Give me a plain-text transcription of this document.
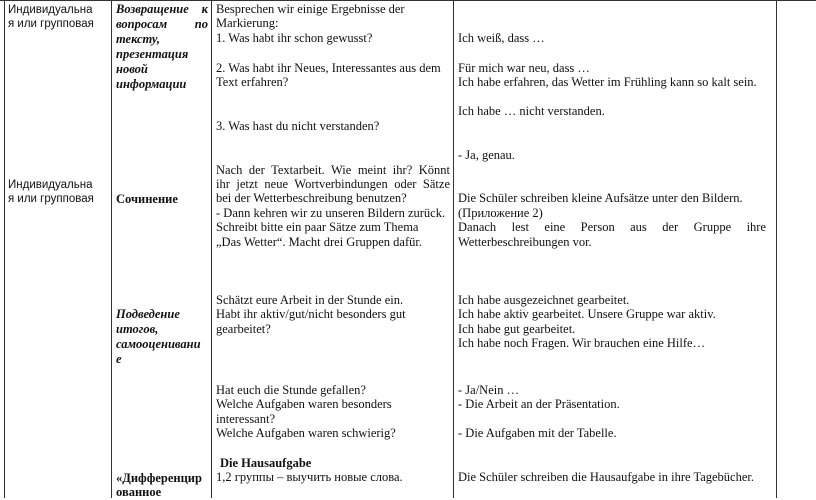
Индивидуальна
я или групповая
Индивидуальна
я или групповая
Возвращение к
вопросам по
тексту,
презентация
новой
информации
Сочинение
Подведение
итогов,
самооценивани
е
«Дифференцир
ованное
Besprechen wir einige Ergebnisse der
Markierung:
1. Was habt ihr schon gewusst?
2. Was habt ihr Neues, Interessantes aus dem
Text erfahren?
3. Was hast du nicht verstanden?
Nach der Textarbeit. Wie meint ihr? Könnt
ihr jetzt neue Wortverbindungen oder Sätze
bei der Wetterbeschreibung benutzen?
- Dann kehren wir zu unseren Bildern zurück.
Schreibt bitte ein paar Sätze zum Thema
„Das Wetter“. Macht drei Gruppen dafür.
Schätzt eure Arbeit in der Stunde ein.
Habt ihr aktiv/gut/nicht besonders gut
gearbeitet?
Hat euch die Stunde gefallen?
Welche Aufgaben waren besonders
interessant?
Welche Aufgaben waren schwierig?
Die Hausaufgabe
1,2 группы – выучить новые слова.
Ich weiß, dass …
Für mich war neu, dass …
Ich habe erfahren, das Wetter im Frühling kann so kalt sein.
Ich habe … nicht verstanden.
- Ja, genau.
Die Schüler schreiben kleine Aufsätze unter den Bildern.
(Приложение 2)
Danach lest eine Person aus der Gruppe ihre
Wetterbeschreibungen vor.
Ich habe ausgezeichnet gearbeitet.
Ich habe aktiv gearbeitet. Unsere Gruppe war aktiv.
Ich habe gut gearbeitet.
Ich habe noch Fragen. Wir brauchen eine Hilfe…
- Ja/Nein …
- Die Arbeit an der Präsentation.
- Die Aufgaben mit der Tabelle.
Die Schüler schreiben die Hausaufgabe in ihre Tagebücher.
